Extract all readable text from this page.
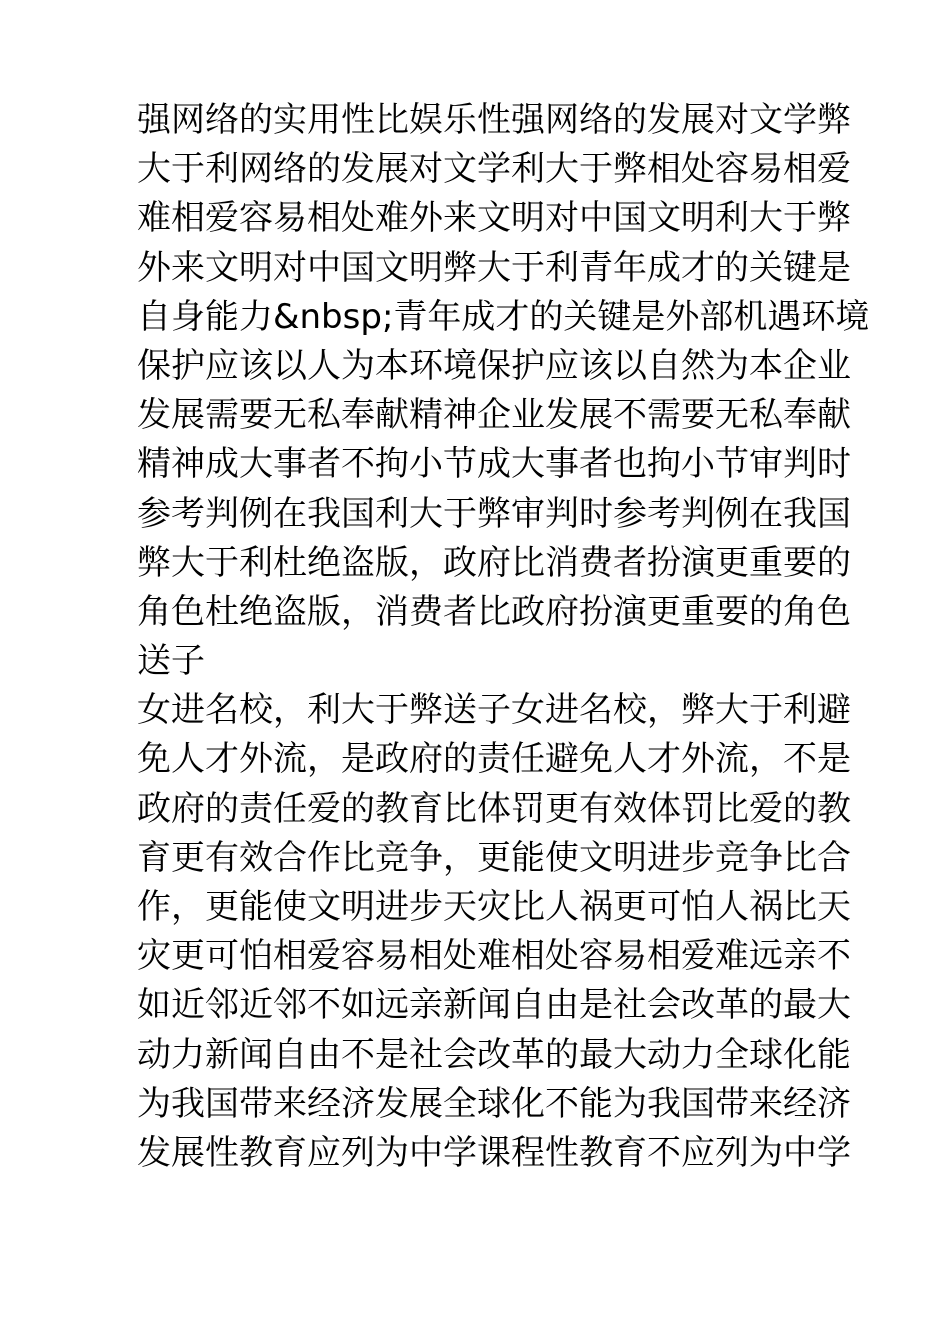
强网络的实用性比娱乐性强网络的发展对文学弊
大于利网络的发展对文学利大于弊相处容易相爱
难相爱容易相处难外来文明对中国文明利大于弊
外来文明对中国文明弊大于利青年成才的关键是
自身能力&nbsp;青年成才的关键是外部机遇环境
保护应该以人为本环境保护应该以自然为本企业
发展需要无私奉献精神企业发展不需要无私奉献
精神成大事者不拘小节成大事者也拘小节审判时
参考判例在我国利大于弊审判时参考判例在我国
弊大于利杜绝盗版，政府比消费者扮演更重要的
角色杜绝盗版，消费者比政府扮演更重要的角色
送子
女进名校，利大于弊送子女进名校，弊大于利避
免人才外流，是政府的责任避免人才外流，不是
政府的责任爱的教育比体罚更有效体罚比爱的教
育更有效合作比竞争，更能使文明进步竞争比合
作，更能使文明进步天灾比人祸更可怕人祸比天
灾更可怕相爱容易相处难相处容易相爱难远亲不
如近邻近邻不如远亲新闻自由是社会改革的最大
动力新闻自由不是社会改革的最大动力全球化能
为我国带来经济发展全球化不能为我国带来经济
发展性教育应列为中学课程性教育不应列为中学
